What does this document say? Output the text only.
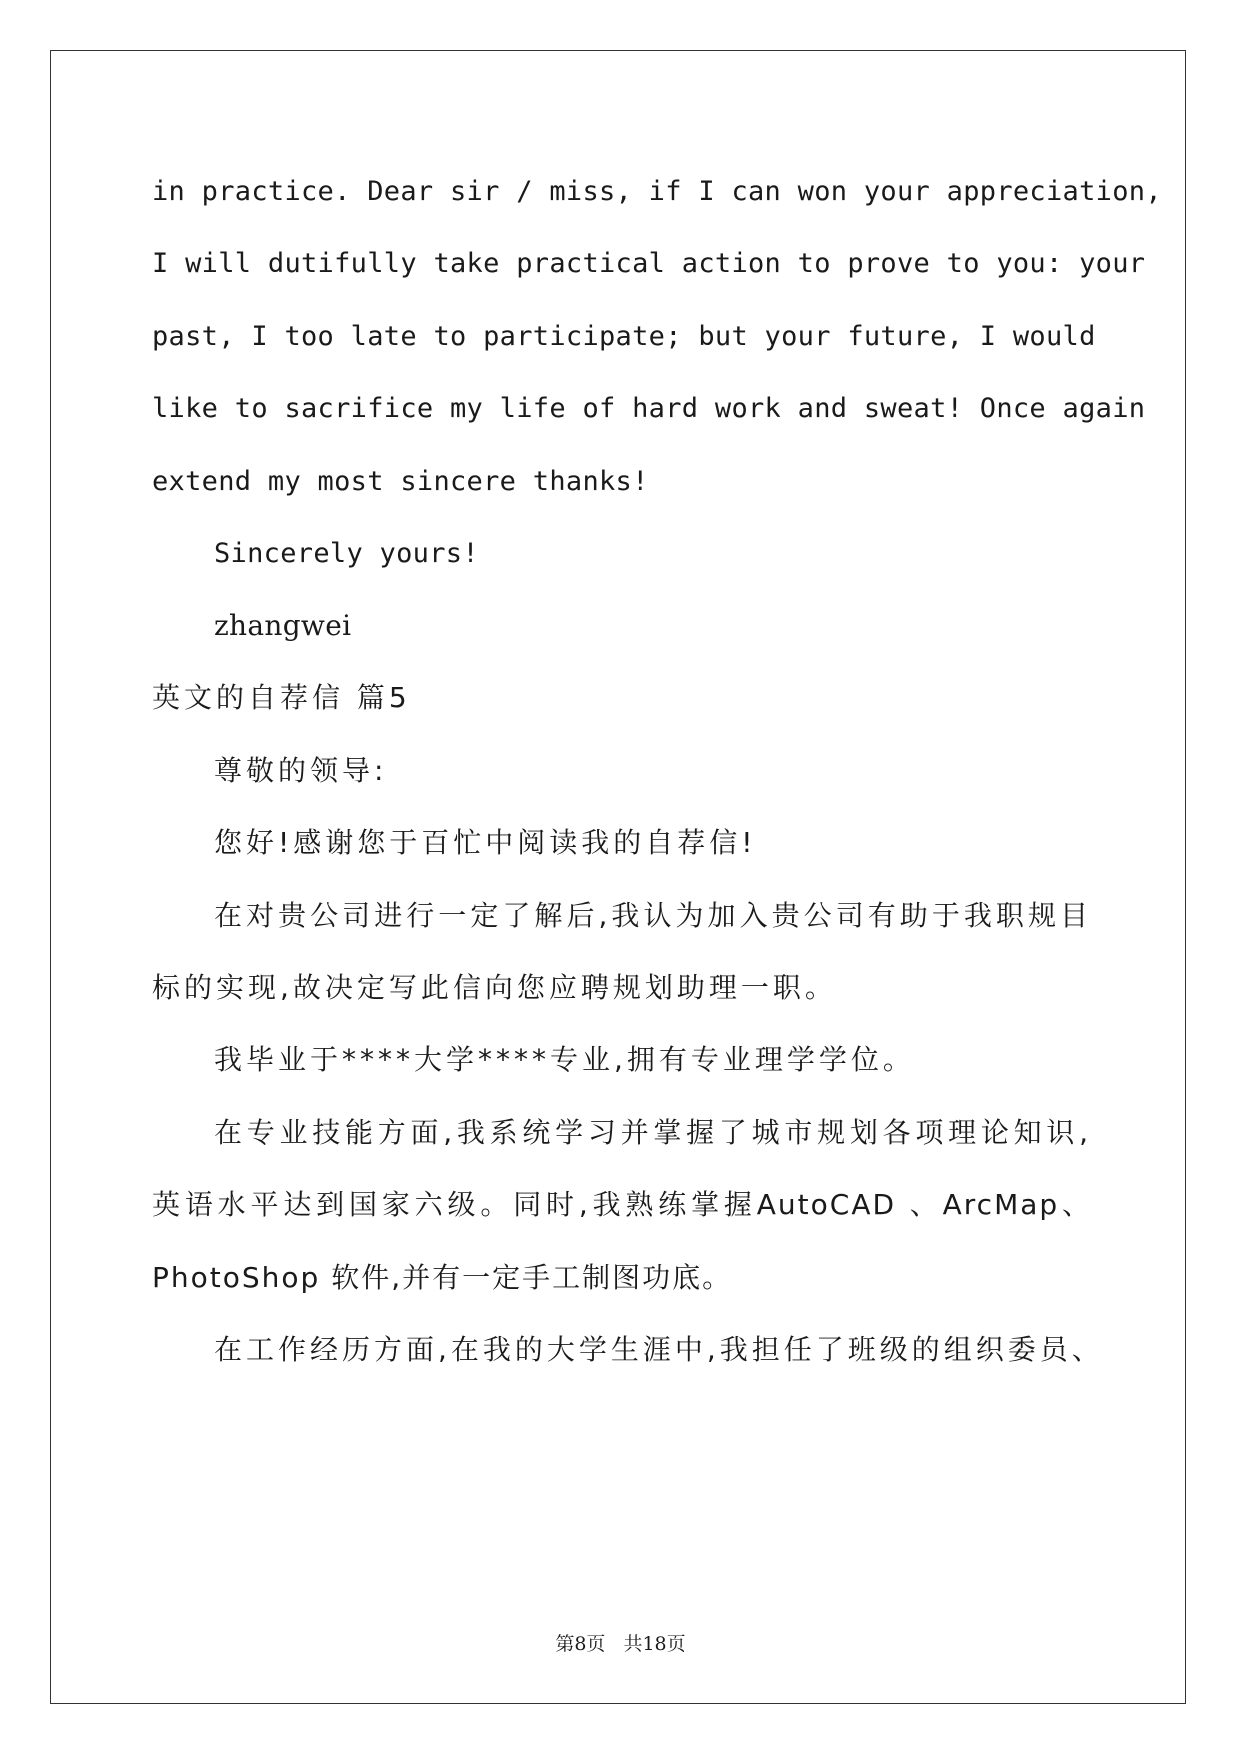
in practice. Dear sir / miss, if I can won your appreciation,
I will dutifully take practical action to prove to you: your
past, I too late to participate; but your future, I would
like to sacrifice my life of hard work and sweat! Once again
extend my most sincere thanks!
Sincerely yours!
zhangwei
英文的自荐信 篇5
尊敬的领导:
您好!感谢您于百忙中阅读我的自荐信!
在对贵公司进行一定了解后,我认为加入贵公司有助于我职规目
标的实现,故决定写此信向您应聘规划助理一职。
我毕业于****大学****专业,拥有专业理学学位。
在专业技能方面,我系统学习并掌握了城市规划各项理论知识,
英语水平达到国家六级。同时,我熟练掌握AutoCAD 、ArcMap、
PhotoShop 软件,并有一定手工制图功底。
在工作经历方面,在我的大学生涯中,我担任了班级的组织委员、
第8页 共18页
